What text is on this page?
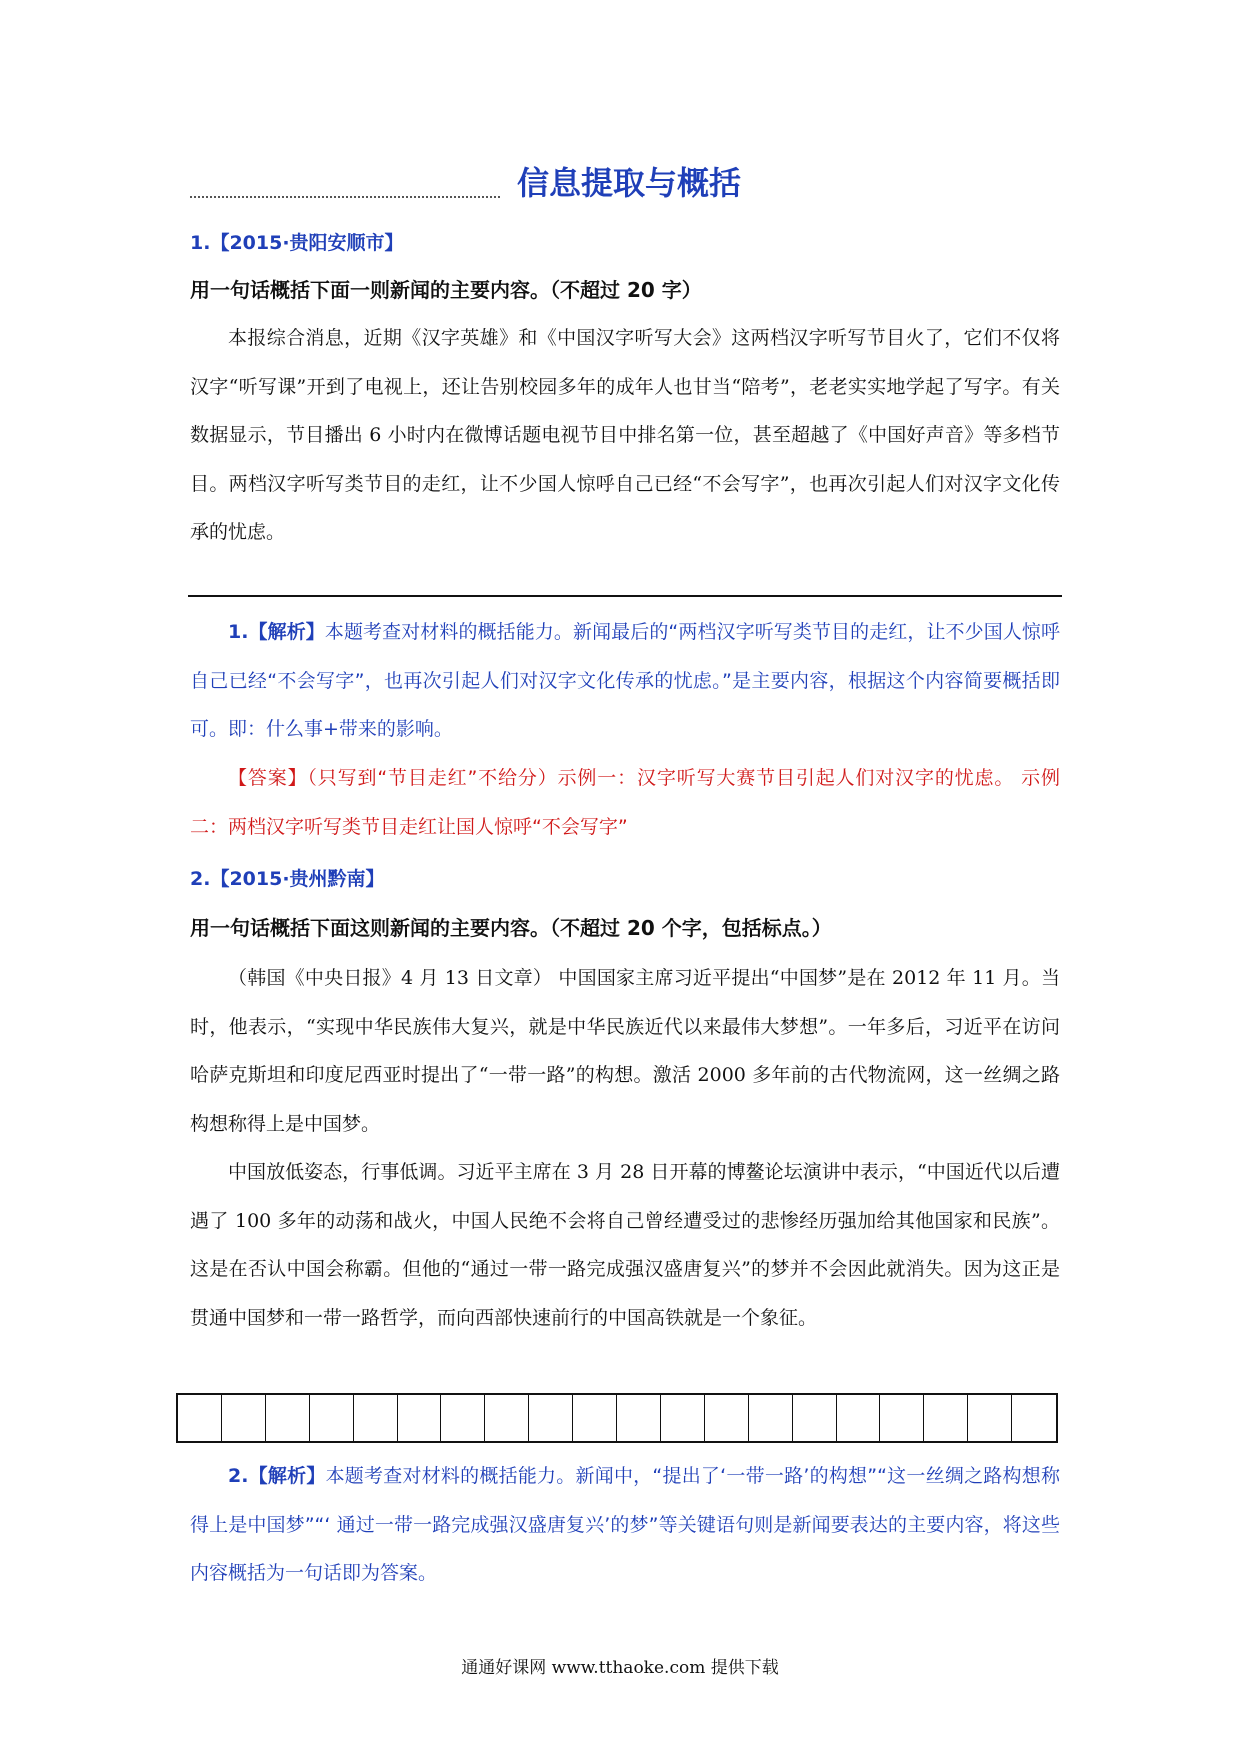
信息提取与概括
1.【2015·贵阳安顺市】
用一句话概括下面一则新闻的主要内容。（不超过 20 字）

本报综合消息，近期《汉字英雄》和《中国汉字听写大会》这两档汉字听写节目火了，它们不仅将汉字“听写课”开到了电视上，还让告别校园多年的成年人也甘当“陪考”，老老实实地学起了写字。有关数据显示，节目播出 6 小时内在微博话题电视节目中排名第一位，甚至超越了《中国好声音》等多档节目。两档汉字听写类节目的走红，让不少国人惊呼自己已经“不会写字”，也再次引起人们对汉字文化传承的忧虑。

1.【解析】本题考查对材料的概括能力。新闻最后的“两档汉字听写类节目的走红，让不少国人惊呼自己已经“不会写字”，也再次引起人们对汉字文化传承的忧虑。”是主要内容，根据这个内容简要概括即可。即：什么事+带来的影响。

【答案】（只写到“节目走红”不给分）示例一：汉字听写大赛节目引起人们对汉字的忧虑。 示例二：两档汉字听写类节目走红让国人惊呼“不会写字”

2.【2015·贵州黔南】
用一句话概括下面这则新闻的主要内容。（不超过 20 个字，包括标点。）

（韩国《中央日报》4 月 13 日文章） 中国国家主席习近平提出“中国梦”是在 2012 年 11 月。当时，他表示，“实现中华民族伟大复兴，就是中华民族近代以来最伟大梦想”。一年多后，习近平在访问哈萨克斯坦和印度尼西亚时提出了“一带一路”的构想。激活 2000 多年前的古代物流网，这一丝绸之路构想称得上是中国梦。

中国放低姿态，行事低调。习近平主席在 3 月 28 日开幕的博鳌论坛演讲中表示，“中国近代以后遭遇了 100 多年的动荡和战火，中国人民绝不会将自己曾经遭受过的悲惨经历强加给其他国家和民族”。这是在否认中国会称霸。但他的“通过一带一路完成强汉盛唐复兴”的梦并不会因此就消失。因为这正是贯通中国梦和一带一路哲学，而向西部快速前行的中国高铁就是一个象征。

2.【解析】本题考查对材料的概括能力。新闻中，“提出了‘一带一路’的构想”“这一丝绸之路构想称得上是中国梦”“‘ 通过一带一路完成强汉盛唐复兴’的梦”等关键语句则是新闻要表达的主要内容，将这些内容概括为一句话即为答案。

通通好课网 www.tthaoke.com 提供下载
